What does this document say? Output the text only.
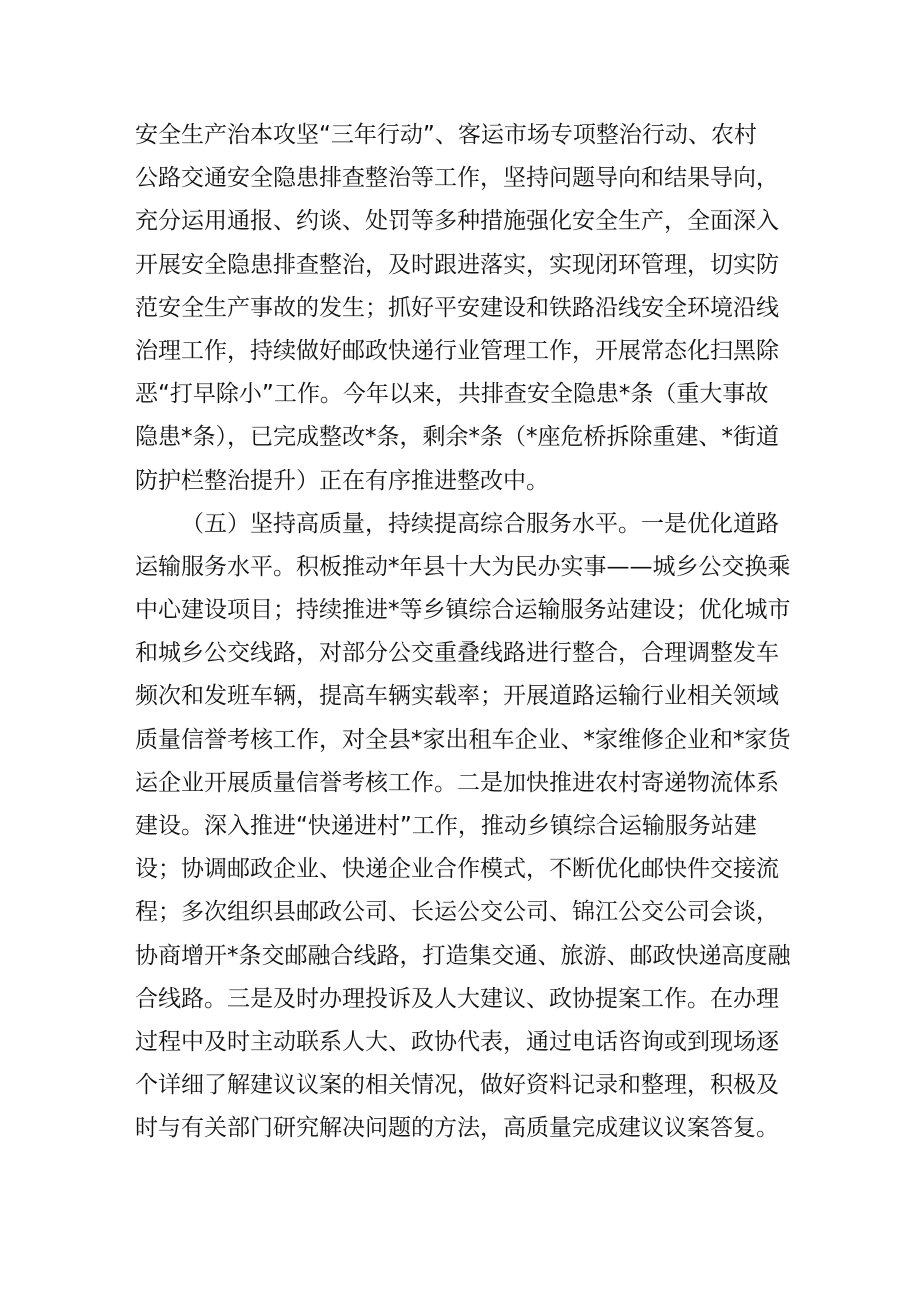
安全生产治本攻坚“三年行动”、客运市场专项整治行动、农村
公路交通安全隐患排查整治等工作，坚持问题导向和结果导向，
充分运用通报、约谈、处罚等多种措施强化安全生产，全面深入
开展安全隐患排查整治，及时跟进落实，实现闭环管理，切实防
范安全生产事故的发生；抓好平安建设和铁路沿线安全环境沿线
治理工作，持续做好邮政快递行业管理工作，开展常态化扫黑除
恶“打早除小”工作。今年以来，共排查安全隐患*条（重大事故
隐患*条），已完成整改*条，剩余*条（*座危桥拆除重建、*街道
防护栏整治提升）正在有序推进整改中。
（五）坚持高质量，持续提高综合服务水平。一是优化道路
运输服务水平。积板推动*年县十大为民办实事——城乡公交换乘
中心建设项目；持续推进*等乡镇综合运输服务站建设；优化城市
和城乡公交线路，对部分公交重叠线路进行整合，合理调整发车
频次和发班车辆，提高车辆实载率；开展道路运输行业相关领域
质量信誉考核工作，对全县*家出租车企业、*家维修企业和*家货
运企业开展质量信誉考核工作。二是加快推进农村寄递物流体系
建设。深入推进“快递进村”工作，推动乡镇综合运输服务站建
设；协调邮政企业、快递企业合作模式，不断优化邮快件交接流
程；多次组织县邮政公司、长运公交公司、锦江公交公司会谈，
协商增开*条交邮融合线路，打造集交通、旅游、邮政快递高度融
合线路。三是及时办理投诉及人大建议、政协提案工作。在办理
过程中及时主动联系人大、政协代表，通过电话咨询或到现场逐
个详细了解建议议案的相关情况，做好资料记录和整理，积极及
时与有关部门研究解决问题的方法，高质量完成建议议案答复。
